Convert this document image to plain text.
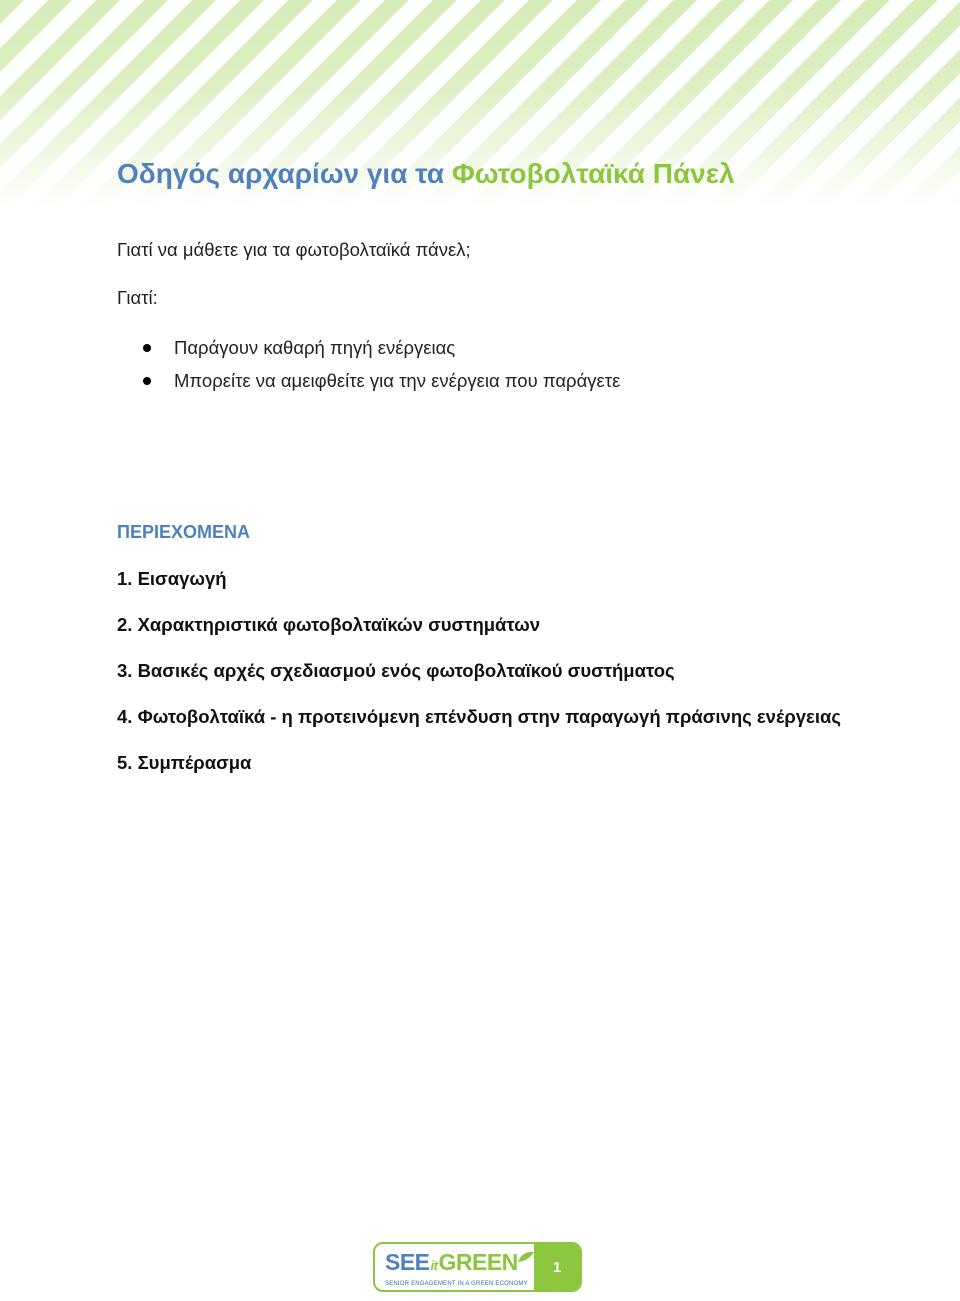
Οδηγός αρχαρίων για τα Φωτοβολταϊκά Πάνελ

Γιατί να μάθετε για τα φωτοβολταϊκά πάνελ;

Γιατί:

Παράγουν καθαρή πηγή ενέργειας
Μπορείτε να αμειφθείτε για την ενέργεια που παράγετε
ΠΕΡΙΕΧΟΜΕΝΑ
1. Εισαγωγή
2. Χαρακτηριστικά φωτοβολταϊκών συστημάτων
3. Βασικές αρχές σχεδιασμού ενός φωτοβολταϊκού συστήματος
4. Φωτοβολταϊκά - η προτεινόμενη επένδυση στην παραγωγή πράσινης ενέργειας
5. Συμπέρασμα
SEEitGREEN
SENIOR ENGAGEMENT IN A GREEN ECONOMY
1
